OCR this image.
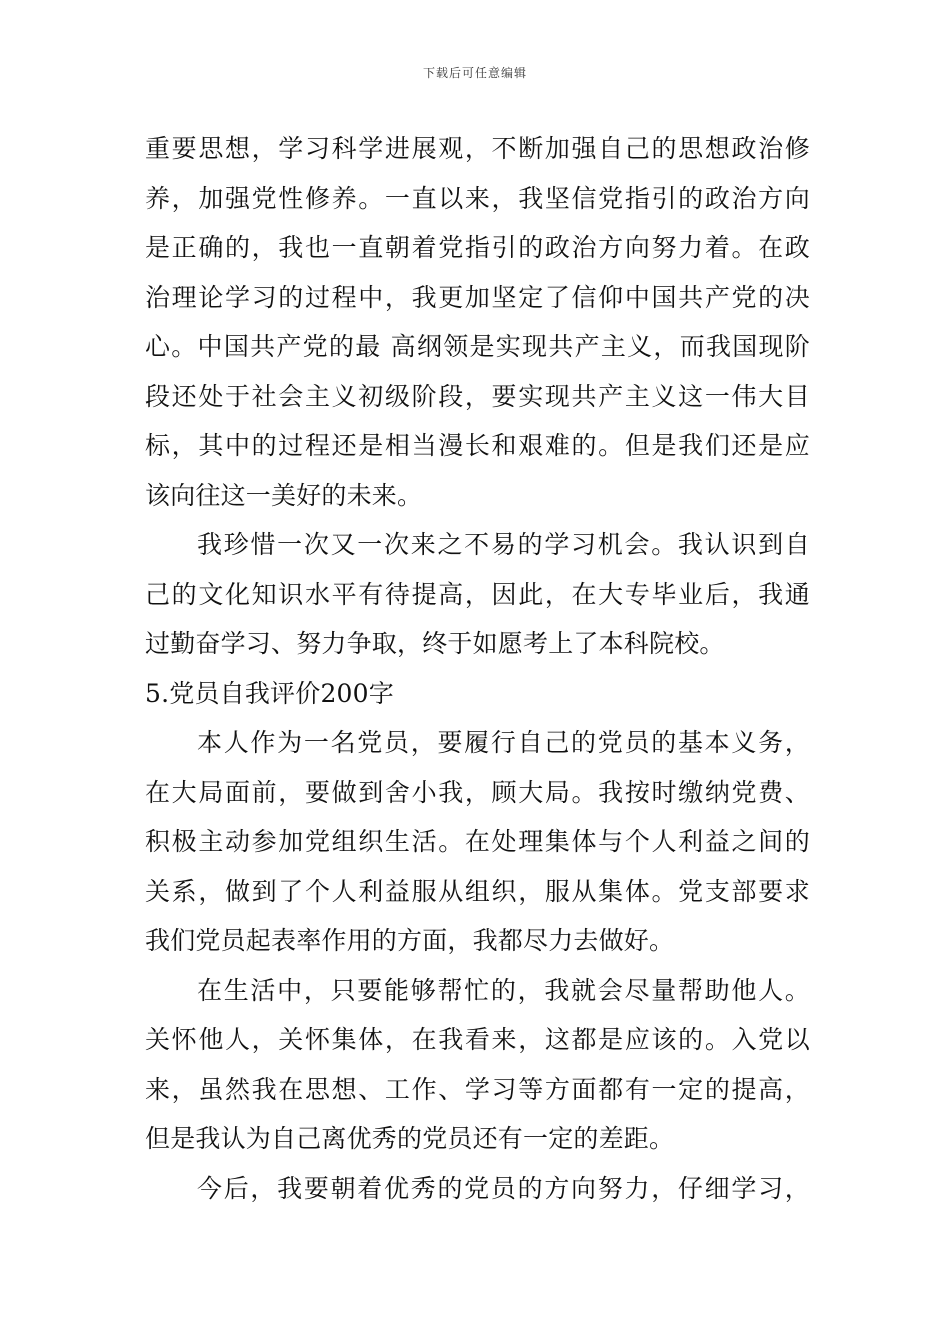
下载后可任意编辑
重要思想，学习科学进展观，不断加强自己的思想政治修
养，加强党性修养。一直以来，我坚信党指引的政治方向
是正确的，我也一直朝着党指引的政治方向努力着。在政
治理论学习的过程中，我更加坚定了信仰中国共产党的决
心。中国共产党的最 高纲领是实现共产主义，而我国现阶
段还处于社会主义初级阶段，要实现共产主义这一伟大目
标，其中的过程还是相当漫长和艰难的。但是我们还是应
该向往这一美好的未来。
我珍惜一次又一次来之不易的学习机会。我认识到自
己的文化知识水平有待提高，因此，在大专毕业后，我通
过勤奋学习、努力争取，终于如愿考上了本科院校。
5.党员自我评价200字
本人作为一名党员，要履行自己的党员的基本义务，
在大局面前，要做到舍小我，顾大局。我按时缴纳党费、
积极主动参加党组织生活。在处理集体与个人利益之间的
关系，做到了个人利益服从组织，服从集体。党支部要求
我们党员起表率作用的方面，我都尽力去做好。
在生活中，只要能够帮忙的，我就会尽量帮助他人。
关怀他人，关怀集体，在我看来，这都是应该的。入党以
来，虽然我在思想、工作、学习等方面都有一定的提高，
但是我认为自己离优秀的党员还有一定的差距。
今后，我要朝着优秀的党员的方向努力，仔细学习，
